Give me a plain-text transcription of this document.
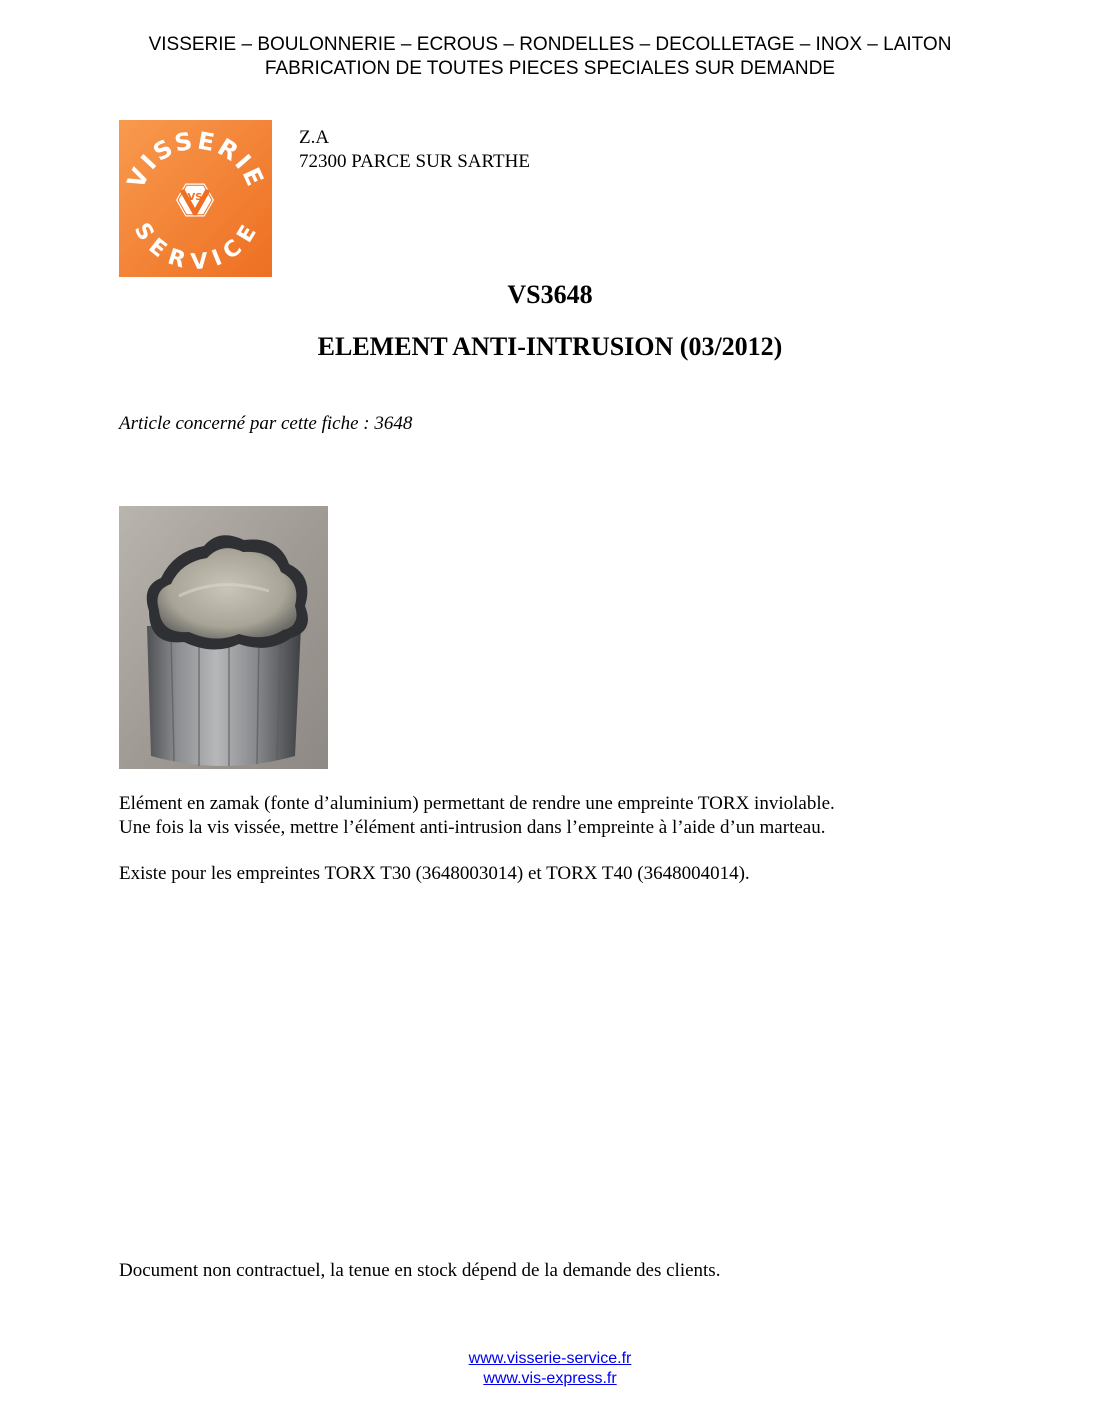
VISSERIE – BOULONNERIE – ECROUS – RONDELLES – DECOLLETAGE – INOX – LAITON
FABRICATION DE TOUTES PIECES SPECIALES SUR DEMANDE
VISSERIE
SERVICE
VS
Z.A
72300 PARCE SUR SARTHE
VS3648
ELEMENT ANTI-INTRUSION (03/2012)
Article concerné par cette fiche : 3648
Elément en zamak (fonte d’aluminium) permettant de rendre une empreinte TORX inviolable.
Une fois la vis vissée, mettre l’élément anti-intrusion dans l’empreinte à l’aide d’un marteau.
Existe pour les empreintes TORX T30 (3648003014) et TORX T40 (3648004014).
Document non contractuel, la tenue en stock dépend de la demande des clients.
www.visserie-service.fr
www.vis-express.fr
